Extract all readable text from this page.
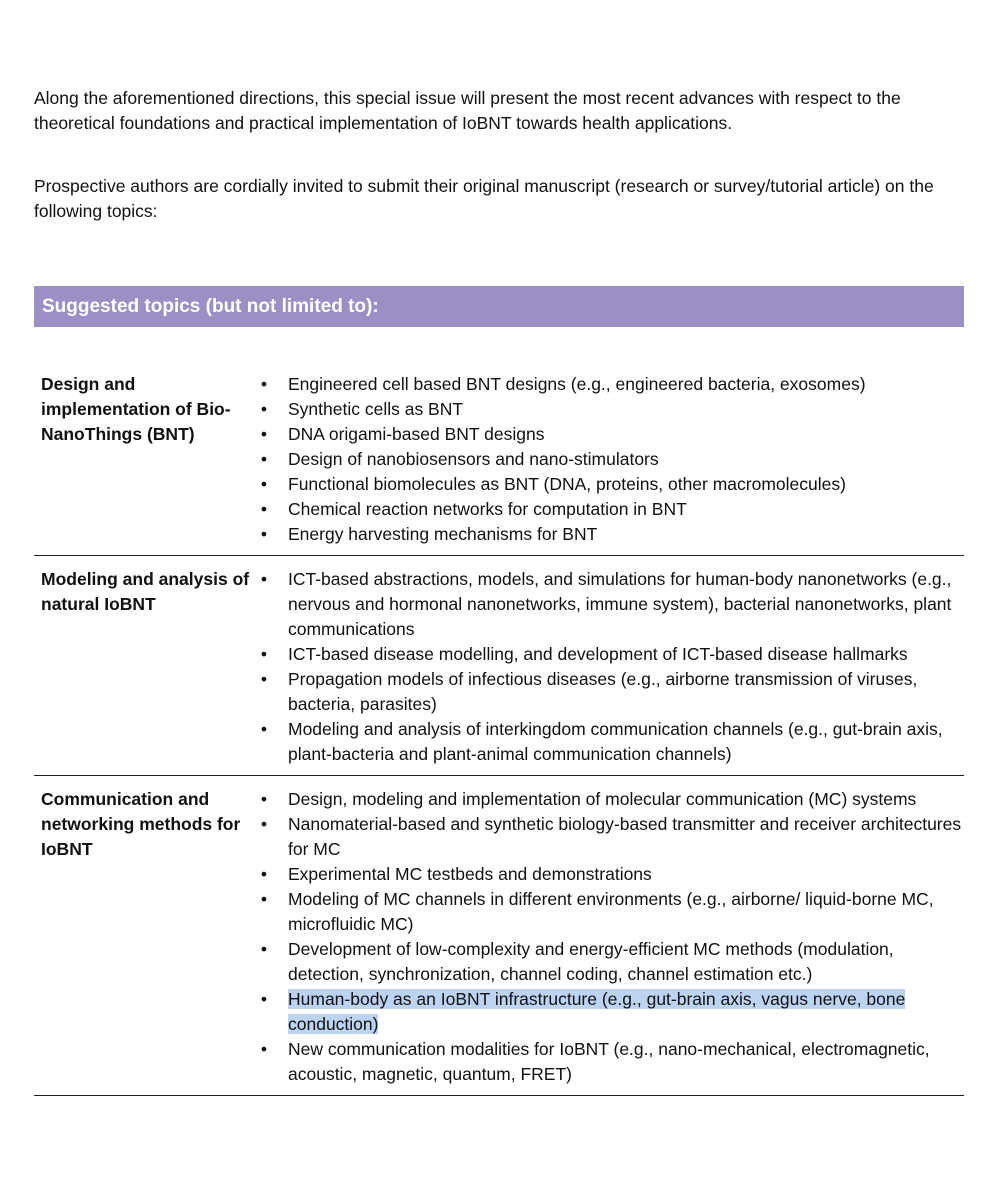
Along the aforementioned directions, this special issue will present the most recent advances with respect to the theoretical foundations and practical implementation of IoBNT towards health applications.

Prospective authors are cordially invited to submit their original manuscript (research or survey/tutorial article) on the following topics:

Suggested topics (but not limited to):
Design and implementation of Bio-NanoThings (BNT)
• Engineered cell based BNT designs (e.g., engineered bacteria, exosomes)
• Synthetic cells as BNT
• DNA origami-based BNT designs
• Design of nanobiosensors and nano-stimulators
• Functional biomolecules as BNT (DNA, proteins, other macromolecules)
• Chemical reaction networks for computation in BNT
• Energy harvesting mechanisms for BNT
Modeling and analysis of natural IoBNT
• ICT-based abstractions, models, and simulations for human-body nanonetworks (e.g., nervous and hormonal nanonetworks, immune system), bacterial nanonetworks, plant communications
• ICT-based disease modelling, and development of ICT-based disease hallmarks
• Propagation models of infectious diseases (e.g., airborne transmission of viruses, bacteria, parasites)
• Modeling and analysis of interkingdom communication channels (e.g., gut-brain axis, plant-bacteria and plant-animal communication channels)
Communication and networking methods for IoBNT
• Design, modeling and implementation of molecular communication (MC) systems
• Nanomaterial-based and synthetic biology-based transmitter and receiver architectures for MC
• Experimental MC testbeds and demonstrations
• Modeling of MC channels in different environments (e.g., airborne/ liquid-borne MC, microfluidic MC)
• Development of low-complexity and energy-efficient MC methods (modulation, detection, synchronization, channel coding, channel estimation etc.)
• Human-body as an IoBNT infrastructure (e.g., gut-brain axis, vagus nerve, bone conduction)
• New communication modalities for IoBNT (e.g., nano-mechanical, electromagnetic, acoustic, magnetic, quantum, FRET)
